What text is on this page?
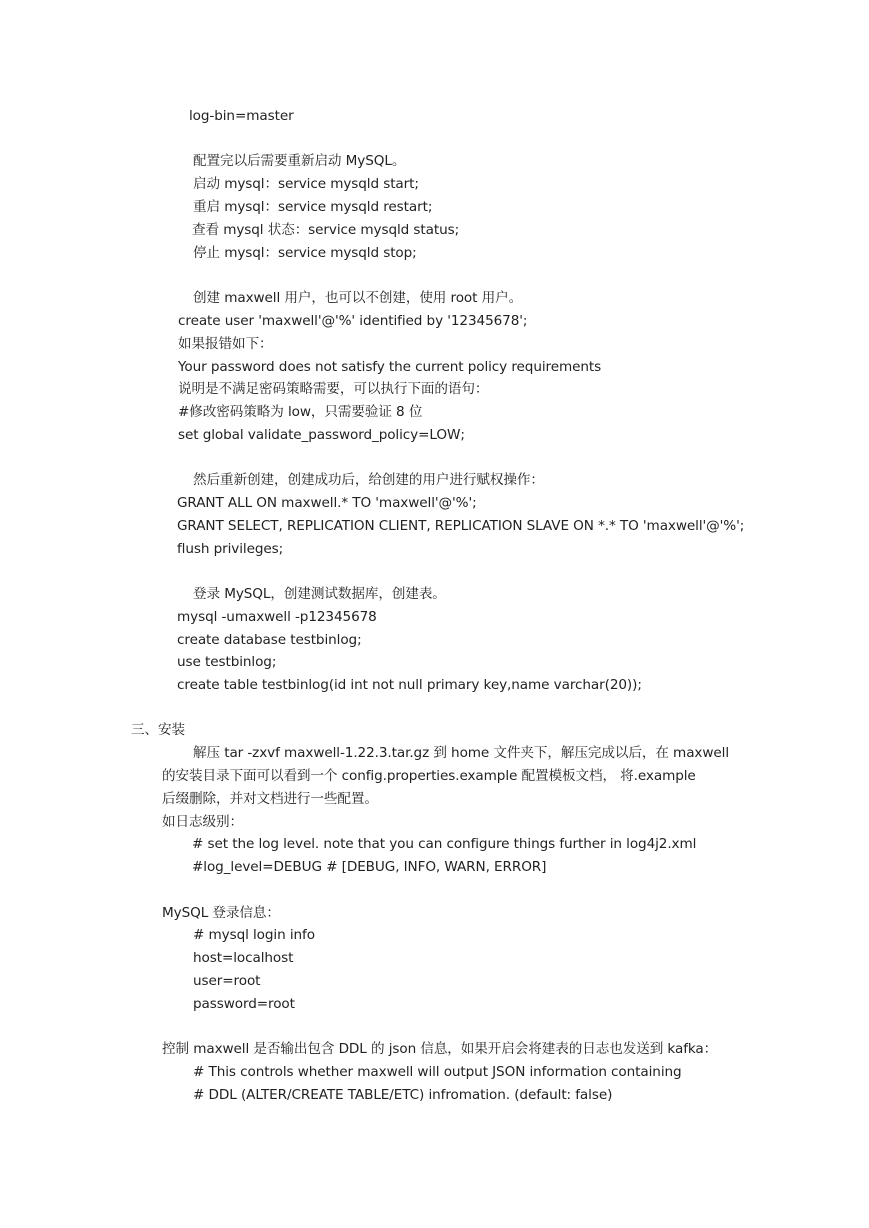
log-bin=master
配置完以后需要重新启动 MySQL。
启动 mysql：service mysqld start;
重启 mysql：service mysqld restart;
查看 mysql 状态：service mysqld status;
停止 mysql：service mysqld stop;
创建 maxwell 用户，也可以不创建，使用 root 用户。
create user 'maxwell'@'%' identified by '12345678';
如果报错如下：
Your password does not satisfy the current policy requirements
说明是不满足密码策略需要，可以执行下面的语句：
#修改密码策略为 low，只需要验证 8 位
set global validate_password_policy=LOW;
然后重新创建，创建成功后，给创建的用户进行赋权操作：
GRANT ALL ON maxwell.* TO 'maxwell'@'%';
GRANT SELECT, REPLICATION CLIENT, REPLICATION SLAVE ON *.* TO 'maxwell'@'%';
flush privileges;
登录 MySQL，创建测试数据库，创建表。
mysql -umaxwell -p12345678
create database testbinlog;
use testbinlog;
create table testbinlog(id int not null primary key,name varchar(20));
三、安装
解压 tar -zxvf maxwell-1.22.3.tar.gz 到 home 文件夹下，解压完成以后，在 maxwell
的安装目录下面可以看到一个 config.properties.example 配置模板文档， 将.example
后缀删除，并对文档进行一些配置。
如日志级别：
# set the log level. note that you can configure things further in log4j2.xml
#log_level=DEBUG # [DEBUG, INFO, WARN, ERROR]
MySQL 登录信息：
# mysql login info
host=localhost
user=root
password=root
控制 maxwell 是否输出包含 DDL 的 json 信息，如果开启会将建表的日志也发送到 kafka：
# This controls whether maxwell will output JSON information containing
# DDL (ALTER/CREATE TABLE/ETC) infromation. (default: false)
